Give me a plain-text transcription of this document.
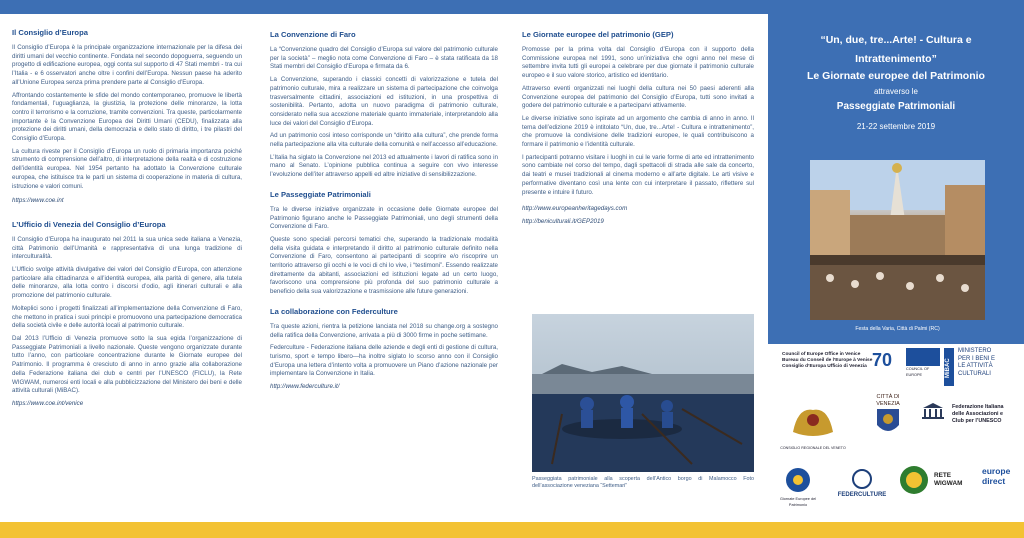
Il Consiglio d’Europa

Il Consiglio d’Europa è la principale organizzazione internazionale per la difesa dei diritti umani del vecchio continente. Fondata nel secondo dopoguerra, seguendo un progetto di edificazione europea, oggi conta sul supporto di 47 Stati membri - tra cui l’Italia - e 6 osservatori anche oltre i confini dell’Europa. Nessun paese ha aderito all’Unione Europea senza prima prendere parte al Consiglio d’Europa.

Affrontando costantemente le sfide del mondo contemporaneo, promuove le libertà fondamentali, l’uguaglianza, la giustizia, la protezione delle minoranze, la lotta contro il terrorismo e la corruzione, tramite convenzioni. Tra queste, particolarmente importante è la Convenzione Europea dei Diritti Umani (CEDU), finalizzata alla protezione dei diritti umani, della democrazia e dello stato di diritto, i tre pilastri del Consiglio d’Europa.

La cultura riveste per il Consiglio d’Europa un ruolo di primaria importanza poiché strumento di comprensione dell’altro, di interpretazione della realtà e di costruzione dell’identità europea. Nel 1954 pertanto ha adottato la Convenzione culturale europea, che istituisce tra le parti un sistema di cooperazione in materia di cultura, istruzione e valori comuni.

https://www.coe.int

L’Ufficio di Venezia del Consiglio d’Europa

Il Consiglio d’Europa ha inaugurato nel 2011 la sua unica sede italiana a Venezia, città Patrimonio dell’Umanità e rappresentativa di una lunga tradizione di interculturalità.

L’Ufficio svolge attività divulgative dei valori del Consiglio d’Europa, con attenzione particolare alla cittadinanza e all’identità europea, alla parità di genere, alla tutela delle minoranze, alla lotta contro i discorsi d’odio, agli itinerari culturali e alla promozione del patrimonio culturale.

Molteplici sono i progetti finalizzati all’implementazione della Convenzione di Faro, che mettono in pratica i suoi principi e promuovono una partecipazione democratica della società civile e delle autorità locali al patrimonio culturale.

Dal 2013 l’Ufficio di Venezia promuove sotto la sua egida l’organizzazione di Passeggiate Patrimoniali a livello nazionale. Queste vengono organizzate durante tutto l’anno, con particolare concentrazione durante le Giornate europee del Patrimonio. Il programma è cresciuto di anno in anno grazie alla collaborazione della Federazione italiana dei club e centri per l’UNESCO (FICLU), la Rete WIGWAM, numerosi enti locali e alla pubblicizzazione del Ministero dei beni e delle attività culturali (MiBAC).

https://www.coe.int/venice

La Convenzione di Faro

La “Convenzione quadro del Consiglio d’Europa sul valore del patrimonio culturale per la società” – meglio nota come Convenzione di Faro – è stata ratificata da 18 Stati membri del Consiglio d’Europa e firmata da 6.

La Convenzione, superando i classici concetti di valorizzazione e tutela del patrimonio culturale, mira a realizzare un sistema di partecipazione che coinvolga trasversalmente cittadini, associazioni ed istituzioni, in una prospettiva di sostenibilità. Pertanto, adotta un nuovo paradigma di patrimonio culturale, considerato nella sua accezione materiale quanto immateriale, interpretandolo alla luce dei valori del Consiglio d’Europa.

Ad un patrimonio così inteso corrisponde un “diritto alla cultura”, che prende forma nella partecipazione alla vita culturale della comunità e nell’accesso all’educazione.

L’Italia ha siglato la Convenzione nel 2013 ed attualmente i lavori di ratifica sono in mano al Senato. L’opinione pubblica continua a seguire con vivo interesse l’evoluzione dell’iter attraverso appelli ed altre iniziative di sensibilizzazione.

Le Passeggiate Patrimoniali

Tra le diverse iniziative organizzate in occasione delle Giornate europee del Patrimonio figurano anche le Passeggiate Patrimoniali, uno degli strumenti della Convenzione di Faro.

Queste sono speciali percorsi tematici che, superando la tradizionale modalità della visita guidata e interpretando il diritto al patrimonio culturale definito nella Convenzione di Faro, consentono ai partecipanti di scoprire e/o riscoprire un territorio attraverso gli occhi e le voci di chi lo vive, i “testimoni”. Essendo realizzate direttamente da abitanti, associazioni ed istituzioni legate ad un certo luogo, favoriscono una comprensione più profonda del suo patrimonio culturale a beneficio della sua valorizzazione e trasmissione alle future generazioni.

La collaborazione con Federculture

Tra queste azioni, rientra la petizione lanciata nel 2018 su change.org a sostegno della ratifica della Convenzione, arrivata a più di 3000 firme in poche settimane.

Federculture - Federazione italiana delle aziende e degli enti di gestione di cultura, turismo, sport e tempo libero—ha inoltre siglato lo scorso anno con il Consiglio d’Europa una lettera d’intento volta a promuovere un Piano d’azione nazionale per implementare la Convenzione in Italia.

http://www.federculture.it/

Le Giornate europee del patrimonio (GEP)

Promosse per la prima volta dal Consiglio d’Europa con il supporto della Commissione europea nel 1991, sono un’iniziativa che ogni anno nel mese di settembre invita tutti gli europei a celebrare per due giornate il patrimonio culturale europeo e il suo valore storico, artistico ed identitario.

Attraverso eventi organizzati nei luoghi della cultura nei 50 paesi aderenti alla Convenzione europea del patrimonio del Consiglio d’Europa, tutti sono invitati a godere del patrimonio culturale e a parteciparvi attivamente.

Le diverse iniziative sono ispirate ad un argomento che cambia di anno in anno. Il tema dell’edizione 2019 è intitolato “Un, due, tre...Arte! - Cultura e intrattenimento”, che promuove la condivisione delle tradizioni europee, le quali contribuiscono a formare il patrimonio e l’identità culturale.

I partecipanti potranno visitare i luoghi in cui le varie forme di arte ed intrattenimento sono cambiate nel corso del tempo, dagli spettacoli di strada alle sale da concerto, dai teatri e musei tradizionali al cinema moderno e all’arte digitale. Le arti visive e performative diventano così una lente con cui interpretare il passato, riflettere sul presente e intuire il futuro.

http://www.europeanheritagedays.com

http://beniculturali.it/GEP2019

Passeggiata patrimoniale alla scoperta dell’Antico borgo di Malamocco Foto dell’associazione veneziana “Settemari”

“Un, due, tre...Arte! - Cultura e
Intrattenimento”
Le Giornate europee del Patrimonio
attraverso le
Passeggiate Patrimoniali
21-22 settembre 2019
Festa della Varia, Città di Palmi (RC)
Council of Europe Office in Venice
Bureau du Conseil de l’Europe à Venise
Consiglio d’Europa Ufficio di Venezia 70	COUNCIL OF EUROPE	MiBAC
MINISTERO
PER I BENI E
LE ATTIVITÀ
CULTURALI
CONSIGLIO REGIONALE DEL VENETO
CITTÀ DI
VENEZIA
Federazione Italiana
delle Associazioni e
Club per l’UNESCO
Giornate Europee del Patrimonio
FEDERCULTURE
RETE
WIGWAM
europe
direct
